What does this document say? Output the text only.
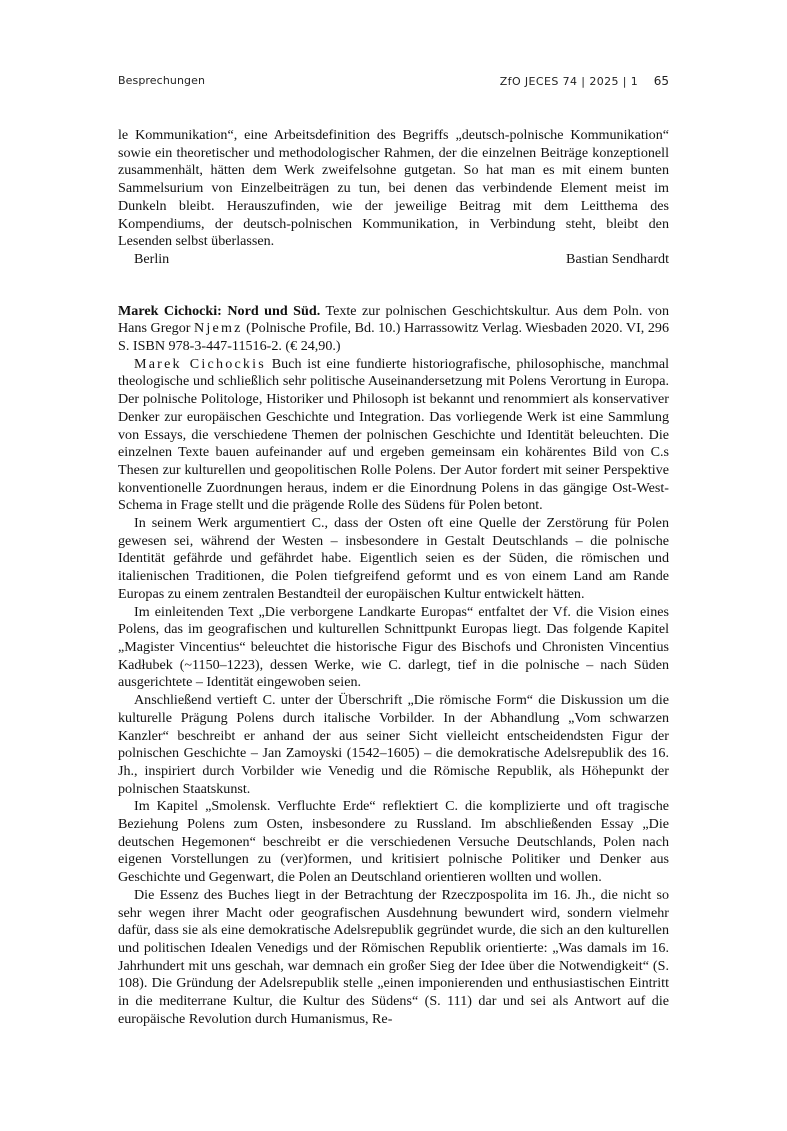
Besprechungen	ZfO JECES 74 | 2025 | 1 65

le Kommunikation“, eine Arbeitsdefinition des Begriffs „deutsch-polnische Kommunikation“ sowie ein theoretischer und methodologischer Rahmen, der die einzelnen Beiträge konzeptionell zusammenhält, hätten dem Werk zweifelsohne gutgetan. So hat man es mit einem bunten Sammelsurium von Einzelbeiträgen zu tun, bei denen das verbindende Element meist im Dunkeln bleibt. Herauszufinden, wie der jeweilige Beitrag mit dem Leitthema des Kompendiums, der deutsch-polnischen Kommunikation, in Verbindung steht, bleibt den Lesenden selbst überlassen.

Berlin	Bastian Sendhardt

Marek Cichocki: Nord und Süd. Texte zur polnischen Geschichtskultur. Aus dem Poln. von Hans Gregor Njemz (Polnische Profile, Bd. 10.) Harrassowitz Verlag. Wiesbaden 2020. VI, 296 S. ISBN 978-3-447-11516-2. (€ 24,90.)

Marek Cichockis Buch ist eine fundierte historiografische, philosophische, manchmal theologische und schließlich sehr politische Auseinandersetzung mit Polens Verortung in Europa. Der polnische Politologe, Historiker und Philosoph ist bekannt und renommiert als konservativer Denker zur europäischen Geschichte und Integration. Das vorliegende Werk ist eine Sammlung von Essays, die verschiedene Themen der polnischen Geschichte und Identität beleuchten. Die einzelnen Texte bauen aufeinander auf und ergeben gemeinsam ein kohärentes Bild von C.s Thesen zur kulturellen und geopolitischen Rolle Polens. Der Autor fordert mit seiner Perspektive konventionelle Zuordnungen heraus, indem er die Einordnung Polens in das gängige Ost-West-Schema in Frage stellt und die prägende Rolle des Südens für Polen betont.

In seinem Werk argumentiert C., dass der Osten oft eine Quelle der Zerstörung für Polen gewesen sei, während der Westen – insbesondere in Gestalt Deutschlands – die polnische Identität gefährde und gefährdet habe. Eigentlich seien es der Süden, die römischen und italienischen Traditionen, die Polen tiefgreifend geformt und es von einem Land am Rande Europas zu einem zentralen Bestandteil der europäischen Kultur entwickelt hätten.

Im einleitenden Text „Die verborgene Landkarte Europas“ entfaltet der Vf. die Vision eines Polens, das im geografischen und kulturellen Schnittpunkt Europas liegt. Das folgende Kapitel „Magister Vincentius“ beleuchtet die historische Figur des Bischofs und Chronisten Vincentius Kadłubek (~1150–1223), dessen Werke, wie C. darlegt, tief in die polnische – nach Süden ausgerichtete – Identität eingewoben seien.

Anschließend vertieft C. unter der Überschrift „Die römische Form“ die Diskussion um die kulturelle Prägung Polens durch italische Vorbilder. In der Abhandlung „Vom schwarzen Kanzler“ beschreibt er anhand der aus seiner Sicht vielleicht entscheidendsten Figur der polnischen Geschichte – Jan Zamoyski (1542–1605) – die demokratische Adelsrepublik des 16. Jh., inspiriert durch Vorbilder wie Venedig und die Römische Republik, als Höhepunkt der polnischen Staatskunst.

Im Kapitel „Smolensk. Verfluchte Erde“ reflektiert C. die komplizierte und oft tragische Beziehung Polens zum Osten, insbesondere zu Russland. Im abschließenden Essay „Die deutschen Hegemonen“ beschreibt er die verschiedenen Versuche Deutschlands, Polen nach eigenen Vorstellungen zu (ver)formen, und kritisiert polnische Politiker und Denker aus Geschichte und Gegenwart, die Polen an Deutschland orientieren wollten und wollen.

Die Essenz des Buches liegt in der Betrachtung der Rzeczpospolita im 16. Jh., die nicht so sehr wegen ihrer Macht oder geografischen Ausdehnung bewundert wird, sondern vielmehr dafür, dass sie als eine demokratische Adelsrepublik gegründet wurde, die sich an den kulturellen und politischen Idealen Venedigs und der Römischen Republik orientierte: „Was damals im 16. Jahrhundert mit uns geschah, war demnach ein großer Sieg der Idee über die Notwendigkeit“ (S. 108). Die Gründung der Adelsrepublik stelle „einen imponierenden und enthusiastischen Eintritt in die mediterrane Kultur, die Kultur des Südens“ (S. 111) dar und sei als Antwort auf die europäische Revolution durch Humanismus, Re-
